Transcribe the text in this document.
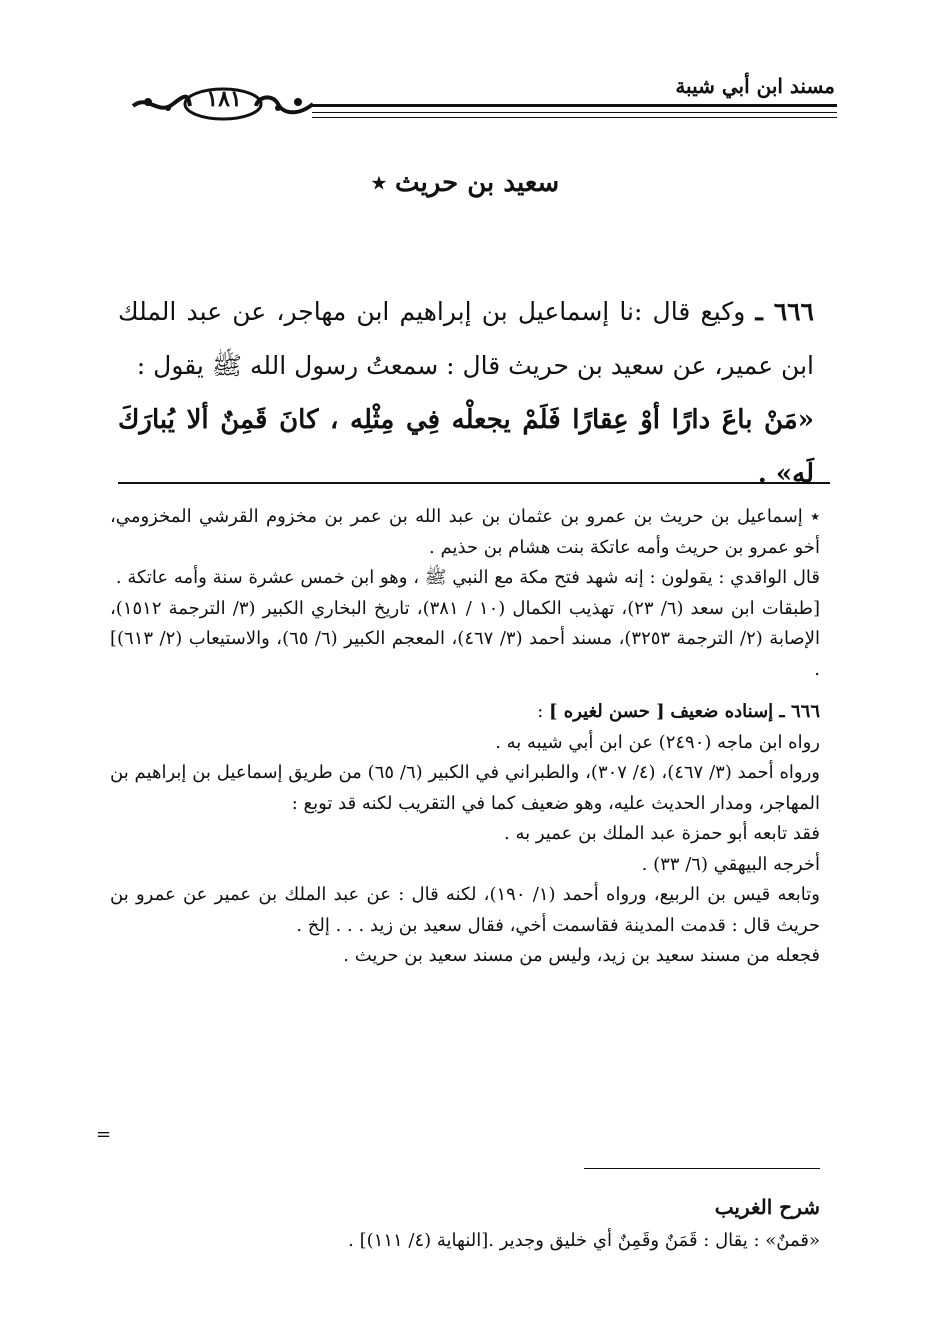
مسند ابن أبي شيبة
١٨١
سعيد بن حريث ٭
٦٦٦ ـ وكيع قال :نا إسماعيل بن إبراهيم ابن مهاجر، عن عبد الملك ابن عمير، عن سعيد بن حريث قال : سمعتُ رسول الله ﷺ يقول :
«مَنْ باعَ دارًا أوْ عِقارًا فَلَمْ يجعلْه فِي مِثْلِه ، كانَ قَمِنٌ ألا يُبارَكَ لَه» .

٭ إسماعيل بن حريث بن عمرو بن عثمان بن عبد الله بن عمر بن مخزوم القرشي المخزومي، أخو عمرو بن حريث وأمه عاتكة بنت هشام بن حذيم .

قال الواقدي : يقولون : إنه شهد فتح مكة مع النبي ﷺ ، وهو ابن خمس عشرة سنة وأمه عاتكة .

[طبقات ابن سعد (٦/ ٢٣)، تهذيب الكمال (١٠ / ٣٨١)، تاريخ البخاري الكبير (٣/ الترجمة ١٥١٢)، الإصابة (٢/ الترجمة ٣٢٥٣)، مسند أحمد (٣/ ٤٦٧)، المعجم الكبير (٦/ ٦٥)، والاستيعاب (٢/ ٦١٣)] .

٦٦٦ ـ إسناده ضعيف [ حسن لغيره ] :

رواه ابن ماجه (٢٤٩٠) عن ابن أبي شيبه به .

ورواه أحمد (٣/ ٤٦٧)، (٤/ ٣٠٧)، والطبراني في الكبير (٦/ ٦٥) من طريق إسماعيل بن إبراهيم بن المهاجر، ومدار الحديث عليه، وهو ضعيف كما في التقريب لكنه قد توبع :

فقد تابعه أبو حمزة عبد الملك بن عمير به .

أخرجه البيهقي (٦/ ٣٣) .

وتابعه قيس بن الربيع، ورواه أحمد (١/ ١٩٠)، لكنه قال : عن عبد الملك بن عمير عن عمرو بن حريث قال : قدمت المدينة فقاسمت أخي، فقال سعيد بن زيد . . . إلخ .

فجعله من مسند سعيد بن زيد، وليس من مسند سعيد بن حريث .

=

شرح الغريب

«قمنٌ» : يقال : قَمَنٌ وقَمِنٌ أي خليق وجدير .[النهاية (٤/ ١١١)] .
